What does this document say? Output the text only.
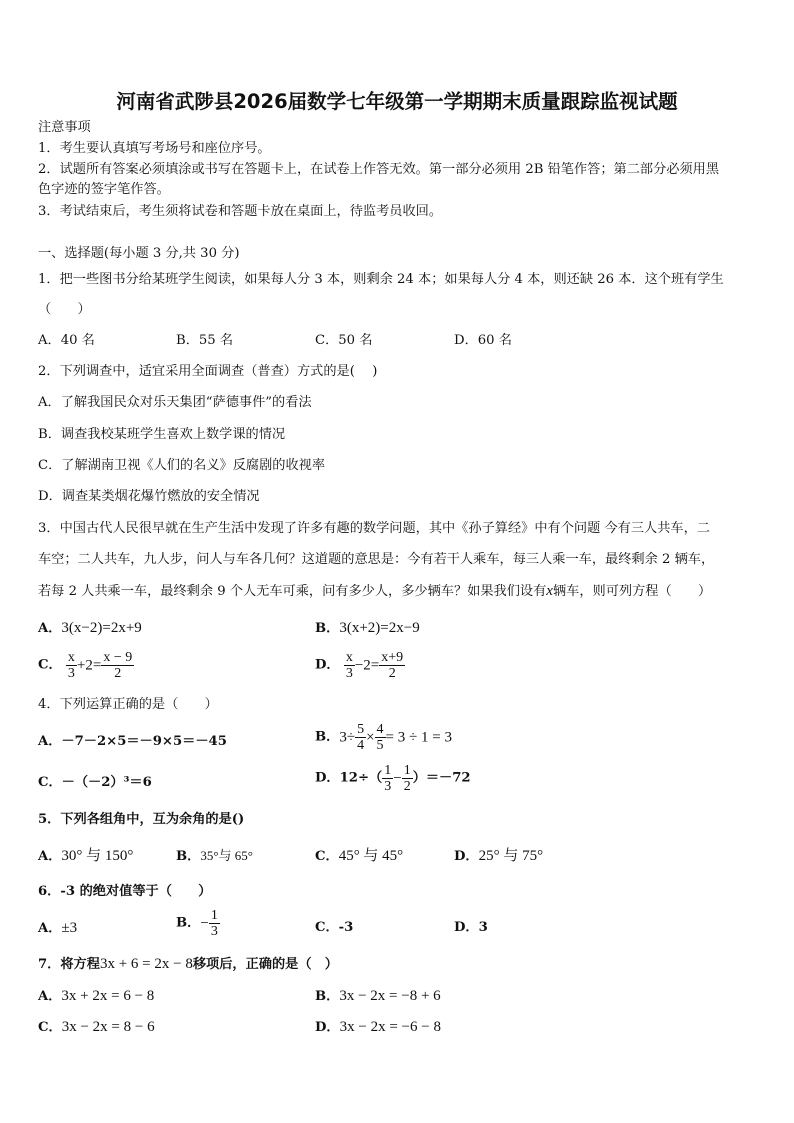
河南省武陟县2026届数学七年级第一学期期末质量跟踪监视试题
注意事项
1．考生要认真填写考场号和座位序号。
2．试题所有答案必须填涂或书写在答题卡上，在试卷上作答无效。第一部分必须用 2B 铅笔作答；第二部分必须用黑
色字迹的签字笔作答。
3．考试结束后，考生须将试卷和答题卡放在桌面上，待监考员收回。
一、选择题(每小题 3 分,共 30 分)
1．把一些图书分给某班学生阅读，如果每人分 3 本，则剩余 24 本；如果每人分 4 本，则还缺 26 本．这个班有学生
（　　）
A．40 名	B．55 名	C．50 名	D．60 名
2．下列调查中，适宜采用全面调查（普查）方式的是(　 )
A．了解我国民众对乐天集团“萨德事件”的看法
B．调查我校某班学生喜欢上数学课的情况
C．了解湖南卫视《人们的名义》反腐剧的收视率
D．调查某类烟花爆竹燃放的安全情况
3．中国古代人民很早就在生产生活中发现了许多有趣的数学问题，其中《孙子算经》中有个问题 今有三人共车，二
车空；二人共车，九人步，问人与车各几何？这道题的意思是：今有若干人乘车，每三人乘一车，最终剩余 2 辆车，
若每 2 人共乘一车，最终剩余 9 个人无车可乘，问有多少人，多少辆车？如果我们设有x辆车，则可列方程（　　）
A．3(x−2)=2x+9	B．3(x+2)=2x−9
C． $\frac{x}{3} +2= \frac{x - 9}{2}$	D． $\frac{x}{3} -2= \frac{x+9}{2}$
4．下列运算正确的是（　　）
A．－7－2×5＝－9×5＝－45	B．$3\div \frac{5}{4} \times \frac{4}{5} = 3 \div 1 = 3$
C．－（－2）³＝6	D．$12\div( \frac{1}{3} - \frac{1}{2} )=-72$
5．下列各组角中，互为余角的是()
A．30° 与 150°	B．35°与 65°	C．45° 与 45°	D．25° 与 75°
6．-3 的绝对值等于（　　）
A．±3	B．− $\frac{1}{3}$	C．-3	D．3
7．将方程3x + 6 = 2x − 8移项后，正确的是（　）
A．3x + 2x = 6 − 8	B．3x − 2x = −8 + 6
C．3x − 2x = 8 − 6	D．3x − 2x = −6 − 8
